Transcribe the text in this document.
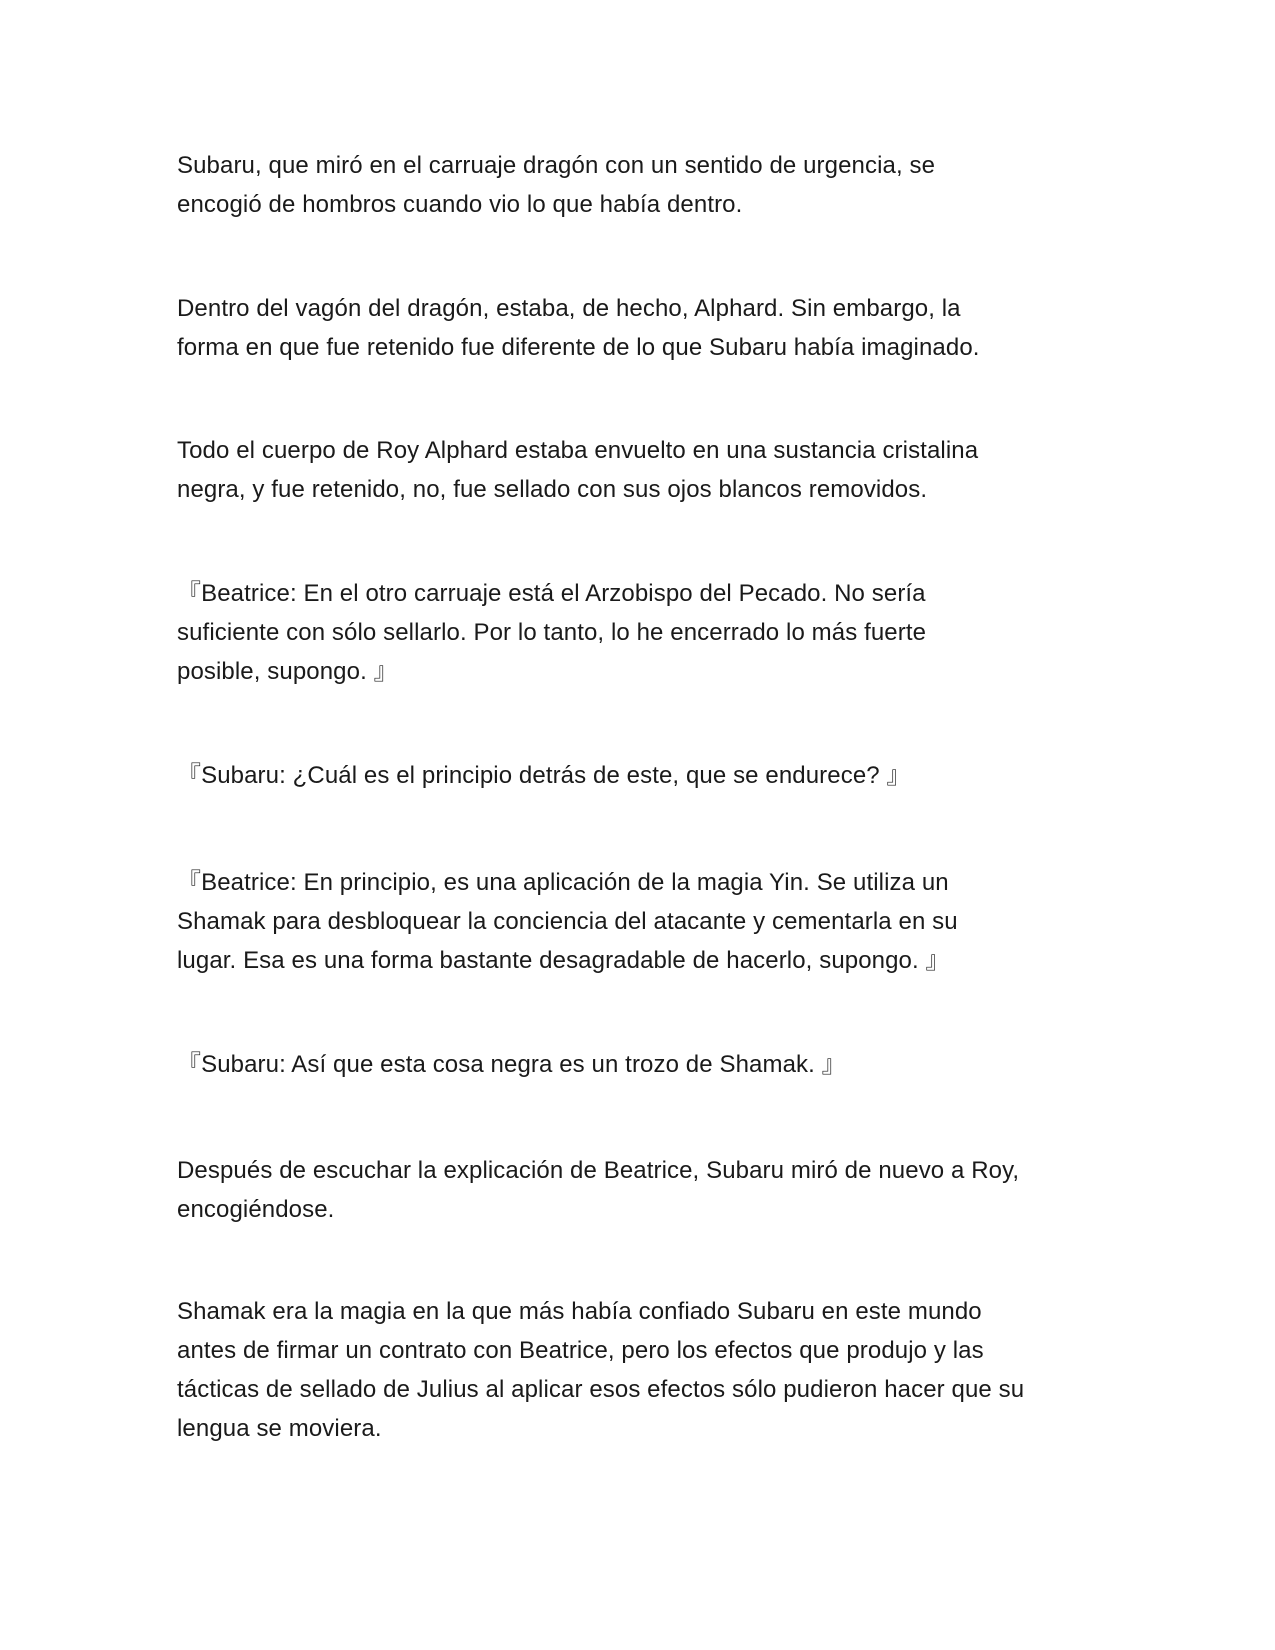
Subaru, que miró en el carruaje dragón con un sentido de urgencia, se
encogió de hombros cuando vio lo que había dentro.

Dentro del vagón del dragón, estaba, de hecho, Alphard. Sin embargo, la
forma en que fue retenido fue diferente de lo que Subaru había imaginado.

Todo el cuerpo de Roy Alphard estaba envuelto en una sustancia cristalina
negra, y fue retenido, no, fue sellado con sus ojos blancos removidos.

『Beatrice: En el otro carruaje está el Arzobispo del Pecado. No sería
suficiente con sólo sellarlo. Por lo tanto, lo he encerrado lo más fuerte
posible, supongo. 』

『Subaru: ¿Cuál es el principio detrás de este, que se endurece? 』

『Beatrice: En principio, es una aplicación de la magia Yin. Se utiliza un
Shamak para desbloquear la conciencia del atacante y cementarla en su
lugar. Esa es una forma bastante desagradable de hacerlo, supongo. 』

『Subaru: Así que esta cosa negra es un trozo de Shamak. 』

Después de escuchar la explicación de Beatrice, Subaru miró de nuevo a Roy,
encogiéndose.

Shamak era la magia en la que más había confiado Subaru en este mundo
antes de firmar un contrato con Beatrice, pero los efectos que produjo y las
tácticas de sellado de Julius al aplicar esos efectos sólo pudieron hacer que su
lengua se moviera.
